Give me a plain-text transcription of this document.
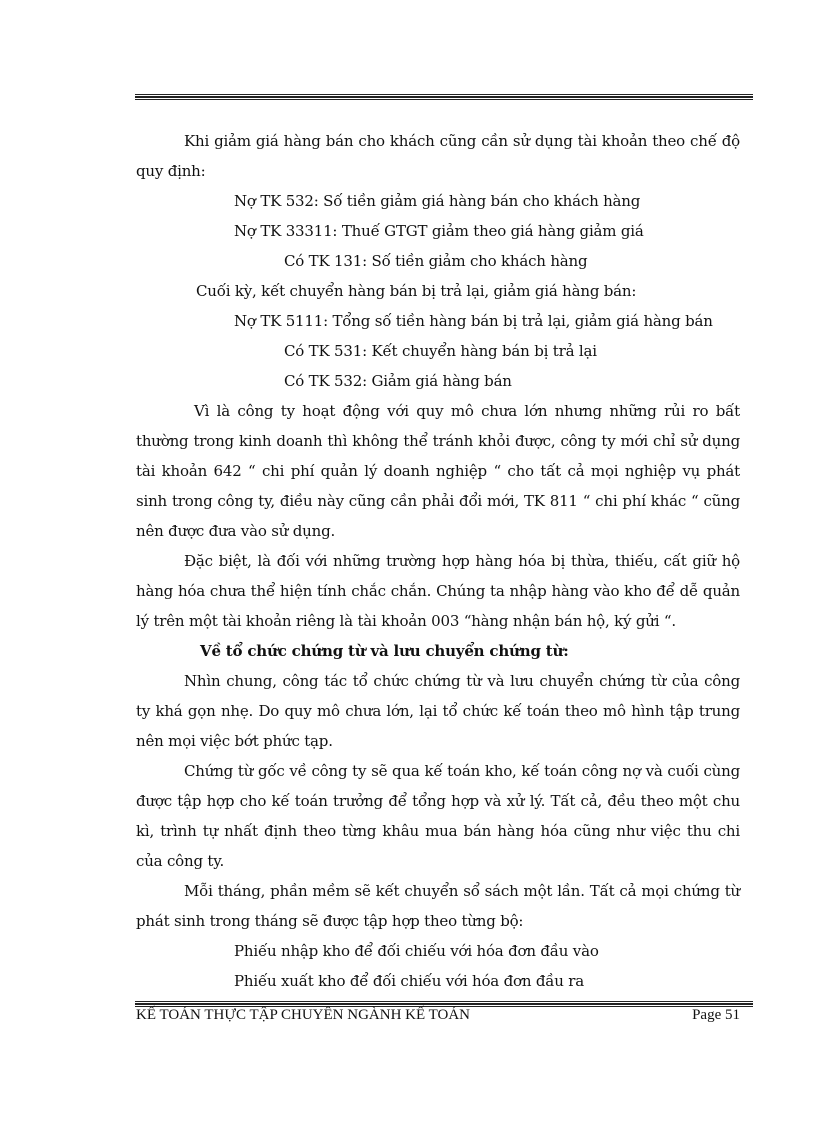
Khi giảm giá hàng bán cho khách cũng cần sử dụng tài khoản theo chế độ quy định:

Nợ TK 532: Số tiền giảm giá hàng bán cho khách hàng

Nợ TK 33311: Thuế GTGT giảm theo giá hàng giảm giá

Có TK 131: Số tiền giảm cho khách hàng

Cuối kỳ, kết chuyển hàng bán bị trả lại, giảm giá hàng bán:

Nợ TK 5111: Tổng số tiền hàng bán bị trả lại, giảm giá hàng bán

Có TK 531: Kết chuyển hàng bán bị trả lại

Có TK 532: Giảm giá hàng bán

Vì là công ty hoạt động với quy mô chưa lớn nhưng những rủi ro bất thường trong kinh doanh thì không thể tránh khỏi được, công ty mới chỉ sử dụng tài khoản 642 “ chi phí quản lý doanh nghiệp “ cho tất cả mọi nghiệp vụ phát sinh trong công ty, điều này cũng cần phải đổi mới, TK 811 “ chi phí khác “ cũng nên được đưa vào sử dụng.

Đặc biệt, là đối với những trường hợp hàng hóa bị thừa, thiếu, cất giữ hộ hàng hóa chưa thể hiện tính chắc chắn. Chúng ta nhập hàng vào kho để dễ quản lý trên một tài khoản riêng là tài khoản 003 “hàng nhận bán hộ, ký gửi “.

Về tổ chức chứng từ và lưu chuyển chứng từ:

Nhìn chung, công tác tổ chức chứng từ và lưu chuyển chứng từ của công ty khá gọn nhẹ. Do quy mô chưa lớn, lại tổ chức kế toán theo mô hình tập trung nên mọi việc bớt phức tạp.

Chứng từ gốc về công ty sẽ qua kế toán kho, kế toán công nợ và cuối cùng được tập hợp cho kế toán trưởng để tổng hợp và xử lý. Tất cả, đều theo một chu kì, trình tự nhất định theo từng khâu mua bán hàng hóa cũng như việc thu chi của công ty.

Mỗi tháng, phần mềm sẽ kết chuyển sổ sách một lần. Tất cả mọi chứng từ phát sinh trong tháng sẽ được tập hợp theo từng bộ:

Phiếu nhập kho để đối chiếu với hóa đơn đầu vào

Phiếu xuất kho để đối chiếu với hóa đơn đầu ra

KẾ TOÁN THỰC TẬP CHUYÊN NGÀNH KẾ TOÁN	Page 51
